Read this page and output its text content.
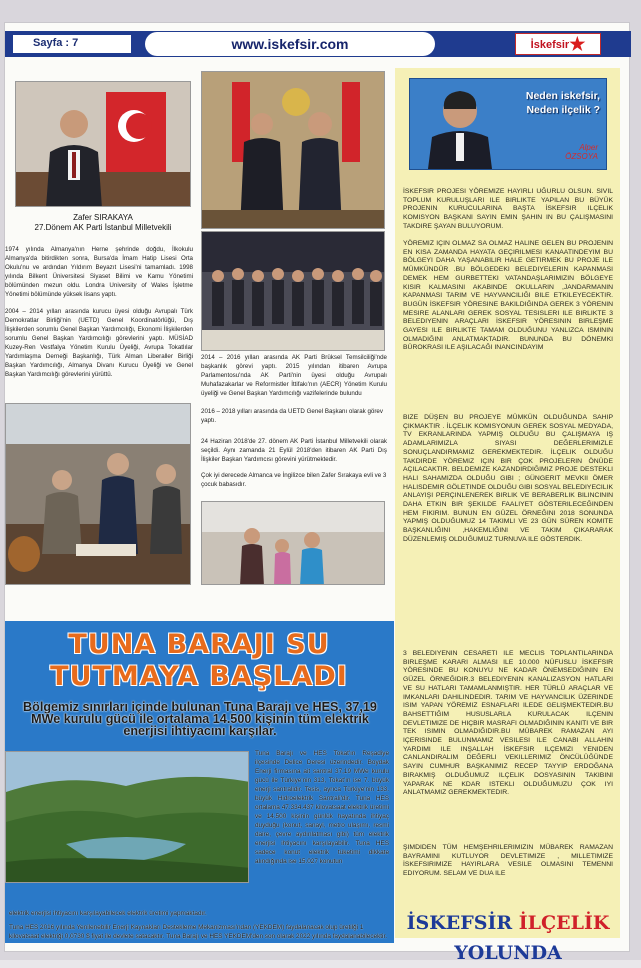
Sayfa : 7	www.iskefsir.com	İskefsir★
Zafer SIRAKAYA
27.Dönem AK Parti İstanbul Milletvekili

1974 yılında Almanya'nın Herne şehrinde doğdu, İlkokulu Almanya'da bitirdikten sonra, Bursa'da İmam Hatip Lisesi Orta Okulu'nu ve ardından Yıldırım Beyazıt Lisesi'ni tamamladı. 1998 yılında Bilkent Üniversitesi Siyaset Bilimi ve Kamu Yönetimi bölümünden mezun oldu. Londra University of Wales İşletme Yönetimi bölümünde yüksek lisans yaptı.

2004 – 2014 yılları arasında kurucu üyesi olduğu Avrupalı Türk Demokratlar Birliği'nin (UETD) Genel Koordinatörlüğü, Dış İlişkilerden sorumlu Genel Başkan Yardımcılığı, Ekonomi İlişkilerden sorumlu Genel Başkan Yardımcılığı görevlerini yaptı. MÜSİAD Kuzey-Ren Vestfalya Yönetim Kurulu Üyeliği, Avrupa Tokatlılar Yardımlaşma Derneği Başkanlığı, Türk Alman Liberaller Birliği Başkan Yardımcılığı, Almanya Divanı Kurucu Üyeliği ve Genel Başkan Yardımcılığı görevlerini yürüttü.

2014 – 2016 yılları arasında AK Parti Brüksel Temsilciliği'nde başkanlık görevi yaptı. 2015 yılından itibaren Avrupa Parlamentosu'nda AK Parti'nin üyesi olduğu Avrupalı Muhafazakarlar ve Reformistler İttifakı'nın (AECR) Yönetim Kurulu üyeliği ve Genel Başkan Yardımcılığı vazifelerinde bulundu

2016 – 2018 yılları arasında da UETD Genel Başkanı olarak görev yaptı.

24 Haziran 2018'de 27. dönem AK Parti İstanbul Milletvekili olarak seçildi. Aynı zamanda 21 Eylül 2018'den itibaren AK Parti Dış İlişkiler Başkan Yardımcısı görevini yürütmektedir.

Çok iyi derecede Almanca ve İngilizce bilen Zafer Sırakaya evli ve 3 çocuk babasıdır.

Neden iskefsir,
Neden ilçelik ?
Alper
ÖZSOYA

İSKEFSIR PROJESI YÖREMIZE HAYIRLI UĞURLU OLSUN. SIVIL TOPLUM KURULUŞLARI ILE BIRLIKTE YAPILAN BU BÜYÜK PROJENIN KURUCULARINA BAŞTA İSKEFSIR ILÇELIK KOMISYON BAŞKANI SAYIN EMIN ŞAHIN IN BU ÇALIŞMASINI TAKDIRE ŞAYAN BULUYORUM.

YÖREMIZ IÇIN OLMAZ SA OLMAZ HALINE GELEN BU PROJENIN EN KISA ZAMANDA HAYATA GEÇIRILMESI KANAATINDEYIM BU BÖLGEYI DAHA YAŞANABILIR HALE GETIRMEK BU PROJE ILE MÜMKÜNDÜR .BU BÖLGEDEKI BELEDIYELERIN KAPANMASI DEMEK HEM GURBETTEKI VATANDAŞLARIMIZIN BÖLGEYE KISIR KALMASINI AKABINDE OKULLARIN ,JANDARMANIN KAPANMASI TARIM VE HAYVANCILIĞI BILE ETKILEYECEKTIR. BUGÜN İSKEFSIR YÖRESINE BAKILDIĞINDA GEREK 3 YÖRENIN MESIRE ALANLARI GEREK SOSYAL TESISLERI ILE BIRLIKTE 3 BELEDIYENIN ARAÇLARI İSKEFSIR YÖRESININ BIRLEŞME GAYESI ILE BIRLIKTE TAMAM OLDUĞUNU YANLIZCA ISMININ OLMADIĞINI ANLATMAKTADIR. BUNUNDA BU DÖNEMKI BÜROKRASI ILE AŞILACAĞI INANCINDAYIM

BIZE DÜŞEN BU PROJEYE MÜMKÜN OLDUĞUNDA SAHIP ÇIKMAKTIR . İLÇELIK KOMISYONUN GEREK SOSYAL MEDYADA, TV EKRANLARINDA YAPMIŞ OLDUĞU BU ÇALIŞMAYA IŞ ADAMLARIMIZLA SIYASI DEĞERLERIMIZLE SONUÇLANDIRMAMIZ GEREKMEKTEDIR. İLÇELIK OLDUĞU TAKDIRDE YÖREMIZ IÇIN BIR ÇOK PROJELERIN ÖNÜDE AÇILACAKTIR. BELDEMIZE KAZANDIRDIĞIMIZ PROJE DESTEKLI HALI SAHAMIZDA OLDUĞU GIBI ; GÜNGERIT MEVKII ÖMER HALISDEMIR GÖLETINDE OLDUĞU GIBI SOSYAL BELEDIYECILIK ANLAYIŞI PERÇINLENEREK BIRLIK VE BERABERLIK BILINCININ DAHA ETKIN BIR ŞEKILDE FAALIYET GÖSTERILECEĞINDEN HEM FIKIRIM. BUNUN EN GÜZEL ÖRNEĞINI 2018 SONUNDA YAPMIŞ OLDUĞUMUZ 14 TAKIMLI VE 23 GÜN SÜREN KOMITE BAŞKANLIĞINI ,HAKEMLIĞINI VE TAKIM ÇIKARARAK DÜZENLEMIŞ OLDUĞUMUZ TURNUVA ILE GÖSTERDIK.

3 BELEDIYENIN CESARETI ILE MECLIS TOPLANTILARINDA BIRLEŞME KARARI ALMASI ILE 10.000 NÜFUSLU İSKEFSIR YÖRESINDE BU KONUYU NE KADAR ÖNEMSEDIĞININ EN GÜZEL ÖRNEĞIDIR.3 BELEDIYENIN KANALIZASYON HATLARI VE SU HATLARI TAMAMLANMIŞTIR. HER TÜRLÜ ARAÇLAR VE IMKANLARI DAHILINDEDIR. TARIM VE HAYVANCILIK ÜZERINDE ISIM YAPAN YÖREMIZ ESNAFLARI ILEDE GELIŞMEKTEDIR.BU BAHSETTIĞIM HUSUSLARLA KURULACAK ILÇENIN DEVLETIMIZE DE HIÇBIR MASRAFI OLMADIĞININ KANITI VE BIR TEK ISIMIN OLMADIĞIDIR.BU MÜBAREK RAMAZAN AYI IÇERISINDE BULUNMAMIZ VESILESI ILE CANABI ALLAHIN YARDIMI ILE INŞALLAH İSKEFSIR ILÇEMIZI YENIDEN CANLANDIRALIM DEĞERLI VEKILLERIMIZ ÖNCÜLÜĞÜNDE SAYIN CUMHUR BAŞKANIMIZ RECEP TAYYIP ERDOĞANA BIRAKMIŞ OLDUĞUMUZ ILÇELIK DOSYASININ TAKIBINI YAPARAK NE KDAR ISTEKLI OLDUĞUMUZU ÇOK IYI ANLATMAMIZ GEREKMEKTEDIR.

ŞIMDIDEN TÜM HEMŞEHRILERIMIZIN MÜBAREK RAMAZAN BAYRAMINI KUTLUYOR DEVLETIMIZE , MILLETIMIZE İSKEFSIRIMIZE HAYIRLARA VESILE OLMASINI TEMENNI EDIYORUM. SELAM VE DUA ILE

İSKEFSİR İLÇELİK YOLUNDA
TUNA BARAJI SU
TUTMAYA BAŞLADI
Bölgemiz sınırları içinde bulunan Tuna Barajı ve HES, 37,19 MWe kurulu gücü ile ortalama 14.500 kişinin tüm elektrik enerjisi ihtiyacını karşılar.

Tuna Barajı ve HES Tokat'ın Reşadiye ilçesinde Delice Deresi üzerindedir. Boydak Enerji firmasına ait santral 37,19 MWe kurulu gücü ile Türkiye'nin 313, Tokat'ın ise 7. büyük enerji santralidir. Tesis, ayrıca Türkiye'nin 133. büyük Hidroelektrik Santrali'dir. Tuna HES ortalama 47.334.437 kilovatsaat elektrik üretimi ve 14.500 kişinin günlük hayatında ihtiyaç duyduğu (konut, sanayi, metro ulaşımı, resmi daire, çevre aydınlatması gibi) tüm elektrik enerjisi ihtiyacını karşılayabilir. Tuna HES sadece konut elektrik tüketimi dikkate alındığında ise 15.027 konutun

elektrik enerjisi ihtiyacını karşılayabilecek elektrik üretimi yapmaktadır.

Tuna HES 2016 yılında Yenilenebilir Enerji Kaynakları Destekleme Mekanizması'ndan (YEKDEM) faydalanacak olup üretilği 1 kilovatsaat elektriği 0,0730 $ fiyat ile devlete satacaktır. Tuna Barajı ve HES YEKDEM'den son olarak 2022 yılında faydalanabilecektir.
